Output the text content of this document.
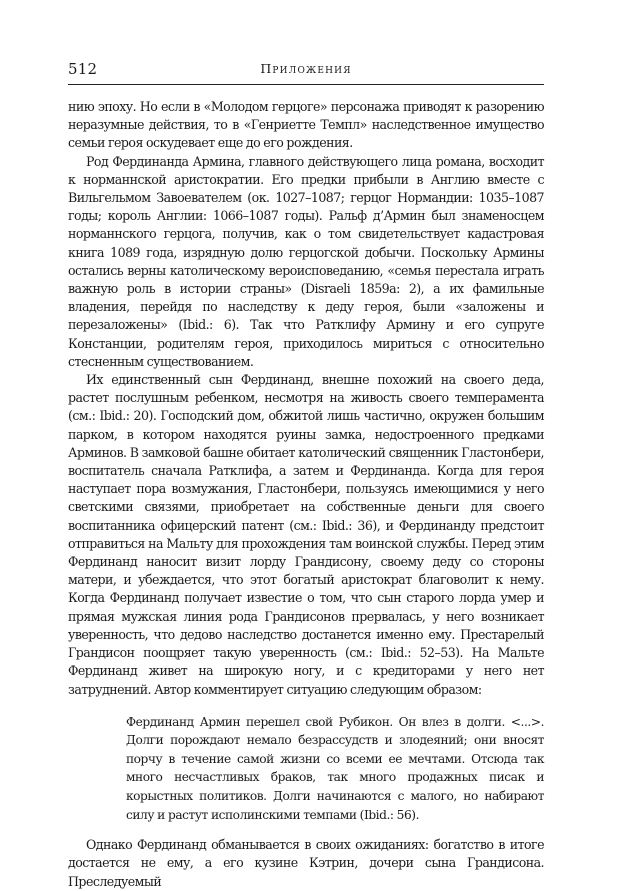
512	Приложения

нию эпоху. Но если в «Молодом герцоге» персонажа приводят к разорению неразумные действия, то в «Генриетте Темпл» наследственное имущество семьи героя оскудевает еще до его рождения.

Род Фердинанда Армина, главного действующего лица романа, восходит к норманнской аристократии. Его предки прибыли в Англию вместе с Вильгельмом Завоевателем (ок. 1027–1087; герцог Нормандии: 1035–1087 годы; король Англии: 1066–1087 годы). Ральф д’Армин был знаменосцем норманнского герцога, получив, как о том свидетельствует кадастровая книга 1089 года, изрядную долю герцогской добычи. Поскольку Армины остались верны католическому вероисповеданию, «семья перестала играть важную роль в истории страны» (Disraeli 1859a: 2), а их фамильные владения, перейдя по наследству к деду героя, были «заложены и перезаложены» (Ibid.: 6). Так что Ратклифу Армину и его супруге Констанции, родителям героя, приходилось мириться с относительно стесненным существованием.

Их единственный сын Фердинанд, внешне похожий на своего деда, растет послушным ребенком, несмотря на живость своего темперамента (см.: Ibid.: 20). Господский дом, обжитой лишь частично, окружен большим парком, в котором находятся руины замка, недостроенного предками Арминов. В замковой башне обитает католический священник Гластонбери, воспитатель сначала Ратклифа, а затем и Фердинанда. Когда для героя наступает пора возмужания, Гластонбери, пользуясь имеющимися у него светскими связями, приобретает на собственные деньги для своего воспитанника офицерский патент (см.: Ibid.: 36), и Фердинанду предстоит отправиться на Мальту для прохождения там воинской службы. Перед этим Фердинанд наносит визит лорду Грандисону, своему деду со стороны матери, и убеждается, что этот богатый аристократ благоволит к нему. Когда Фердинанд получает известие о том, что сын старого лорда умер и прямая мужская линия рода Грандисонов прервалась, у него возникает уверенность, что дедово наследство достанется именно ему. Престарелый Грандисон поощряет такую уверенность (см.: Ibid.: 52–53). На Мальте Фердинанд живет на широкую ногу, и с кредиторами у него нет затруднений. Автор комментирует ситуацию следующим образом:

Фердинанд Армин перешел свой Рубикон. Он влез в долги. <...>. Долги порождают немало безрассудств и злодеяний; они вносят порчу в течение самой жизни со всеми ее мечтами. Отсюда так много несчастливых браков, так много продажных писак и корыстных политиков. Долги начинаются с малого, но набирают силу и растут исполинскими темпами (Ibid.: 56).

Однако Фердинанд обманывается в своих ожиданиях: богатство в итоге достается не ему, а его кузине Кэтрин, дочери сына Грандисона. Преследуемый
